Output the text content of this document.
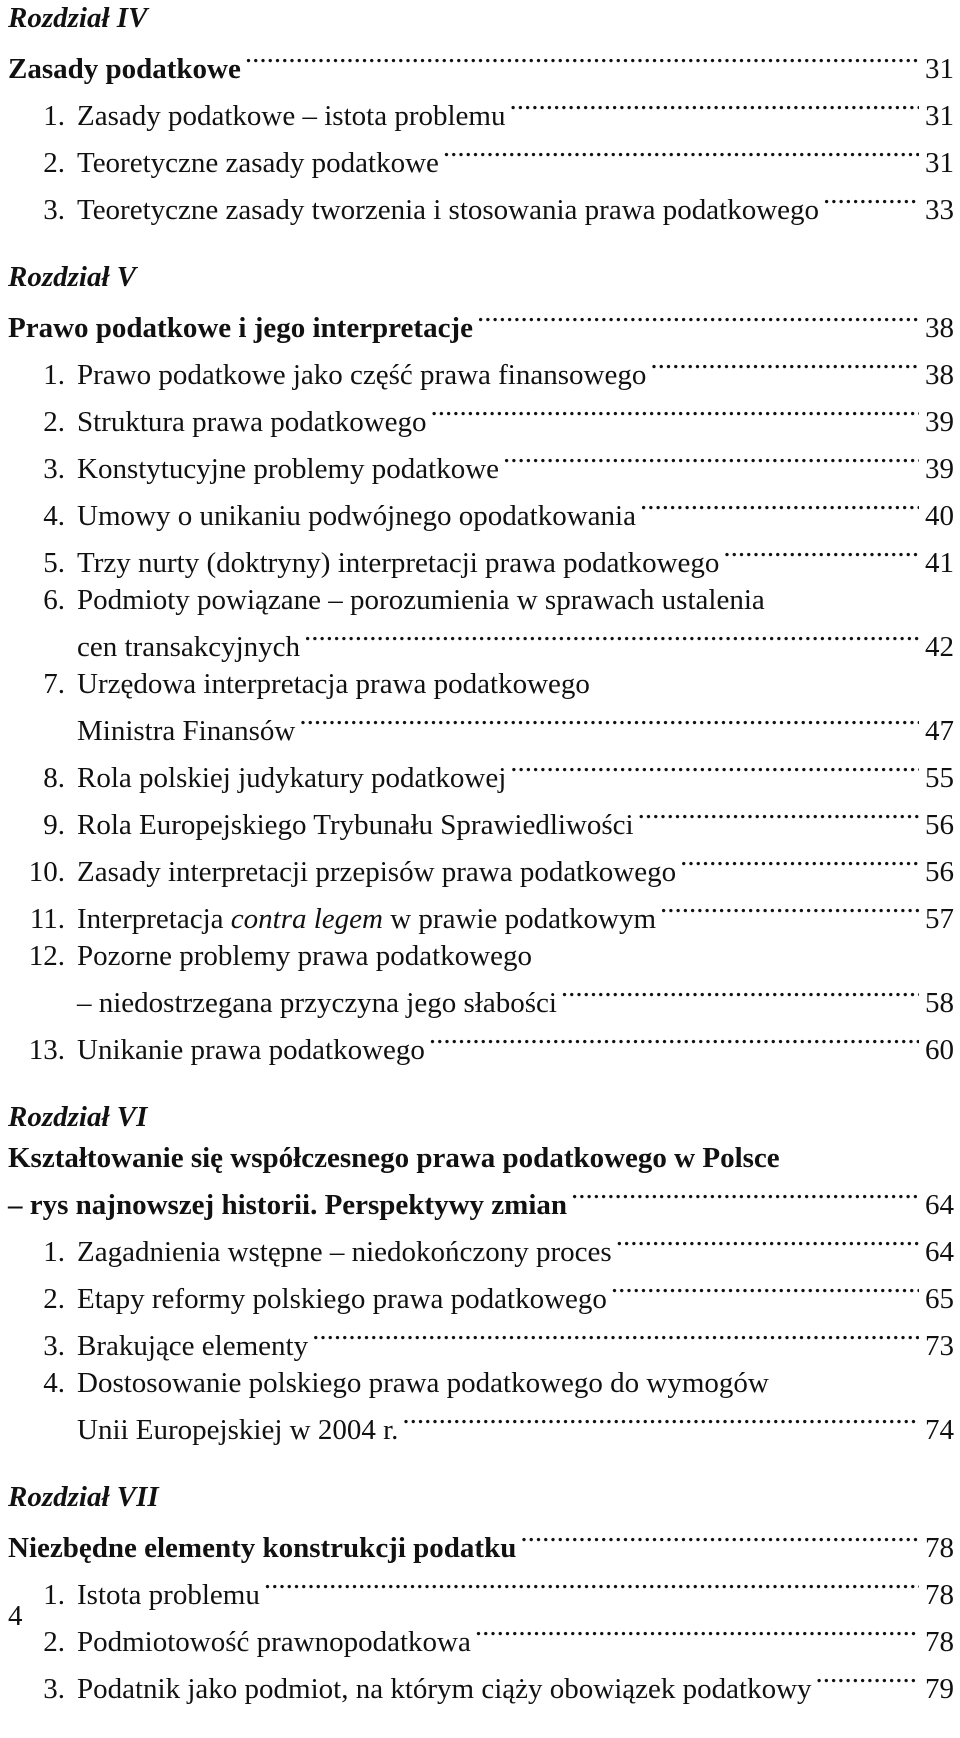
Rozdział IV
Zasady podatkowe .....	31
1. Zasady podatkowe – istota problemu .....	31
2. Teoretyczne zasady podatkowe .....	31
3. Teoretyczne zasady tworzenia i stosowania prawa podatkowego .....	33
Rozdział V
Prawo podatkowe i jego interpretacje .....	38
1. Prawo podatkowe jako część prawa finansowego .....	38
2. Struktura prawa podatkowego .....	39
3. Konstytucyjne problemy podatkowe .....	39
4. Umowy o unikaniu podwójnego opodatkowania .....	40
5. Trzy nurty (doktryny) interpretacji prawa podatkowego .....	41
6. Podmioty powiązane – porozumienia w sprawach ustalenia
cen transakcyjnych .....	42
7. Urzędowa interpretacja prawa podatkowego
Ministra Finansów .....	47
8. Rola polskiej judykatury podatkowej .....	55
9. Rola Europejskiego Trybunału Sprawiedliwości .....	56
10. Zasady interpretacji przepisów prawa podatkowego .....	56
11. Interpretacja contra legem w prawie podatkowym .....	57
12. Pozorne problemy prawa podatkowego
– niedostrzegana przyczyna jego słabości .....	58
13. Unikanie prawa podatkowego .....	60
Rozdział VI
Kształtowanie się współczesnego prawa podatkowego w Polsce
– rys najnowszej historii. Perspektywy zmian .....	64
1. Zagadnienia wstępne – niedokończony proces .....	64
2. Etapy reformy polskiego prawa podatkowego .....	65
3. Brakujące elementy .....	73
4. Dostosowanie polskiego prawa podatkowego do wymogów
Unii Europejskiej w 2004 r. .....	74
Rozdział VII
Niezbędne elementy konstrukcji podatku .....	78
1. Istota problemu .....	78
2. Podmiotowość prawnopodatkowa .....	78
3. Podatnik jako podmiot, na którym ciąży obowiązek podatkowy .....	79
4
